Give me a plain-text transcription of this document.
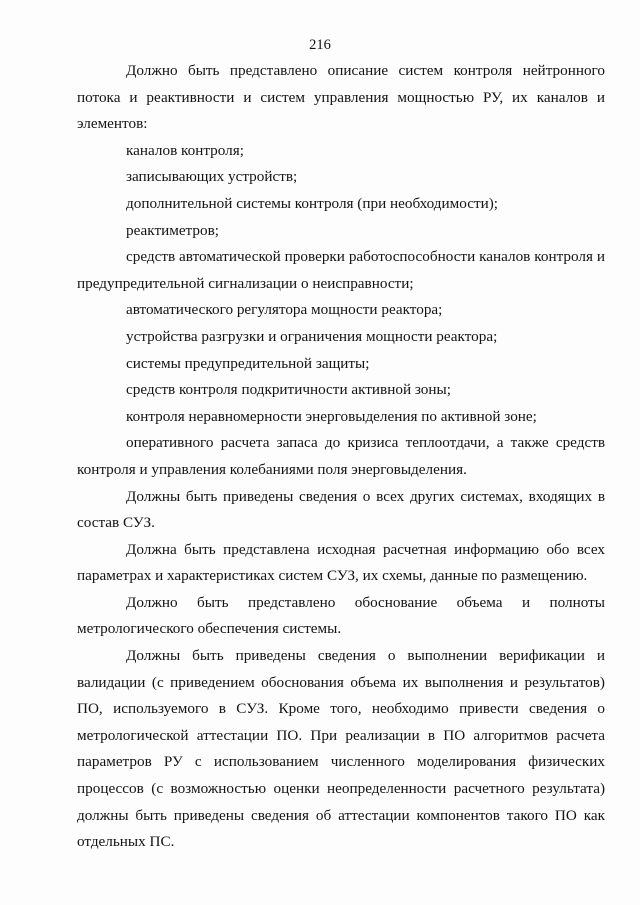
216

Должно быть представлено описание систем контроля нейтронного потока и реактивности и систем управления мощностью РУ, их каналов и элементов:

каналов контроля;

записывающих устройств;

дополнительной системы контроля (при необходимости);

реактиметров;

средств автоматической проверки работоспособности каналов контроля и предупредительной сигнализации о неисправности;

автоматического регулятора мощности реактора;

устройства разгрузки и ограничения мощности реактора;

системы предупредительной защиты;

средств контроля подкритичности активной зоны;

контроля неравномерности энерговыделения по активной зоне;

оперативного расчета запаса до кризиса теплоотдачи, а также средств контроля и управления колебаниями поля энерговыделения.

Должны быть приведены сведения о всех других системах, входящих в состав СУЗ.

Должна быть представлена исходная расчетная информацию обо всех параметрах и характеристиках систем СУЗ, их схемы, данные по размещению.

Должно быть представлено обоснование объема и полноты метрологического обеспечения системы.

Должны быть приведены сведения о выполнении верификации и валидации (с приведением обоснования объема их выполнения и результатов) ПО, используемого в СУЗ. Кроме того, необходимо привести сведения о метрологической аттестации ПО. При реализации в ПО алгоритмов расчета параметров РУ с использованием численного моделирования физических процессов (с возможностью оценки неопределенности расчетного результата) должны быть приведены сведения об аттестации компонентов такого ПО как отдельных ПС.
